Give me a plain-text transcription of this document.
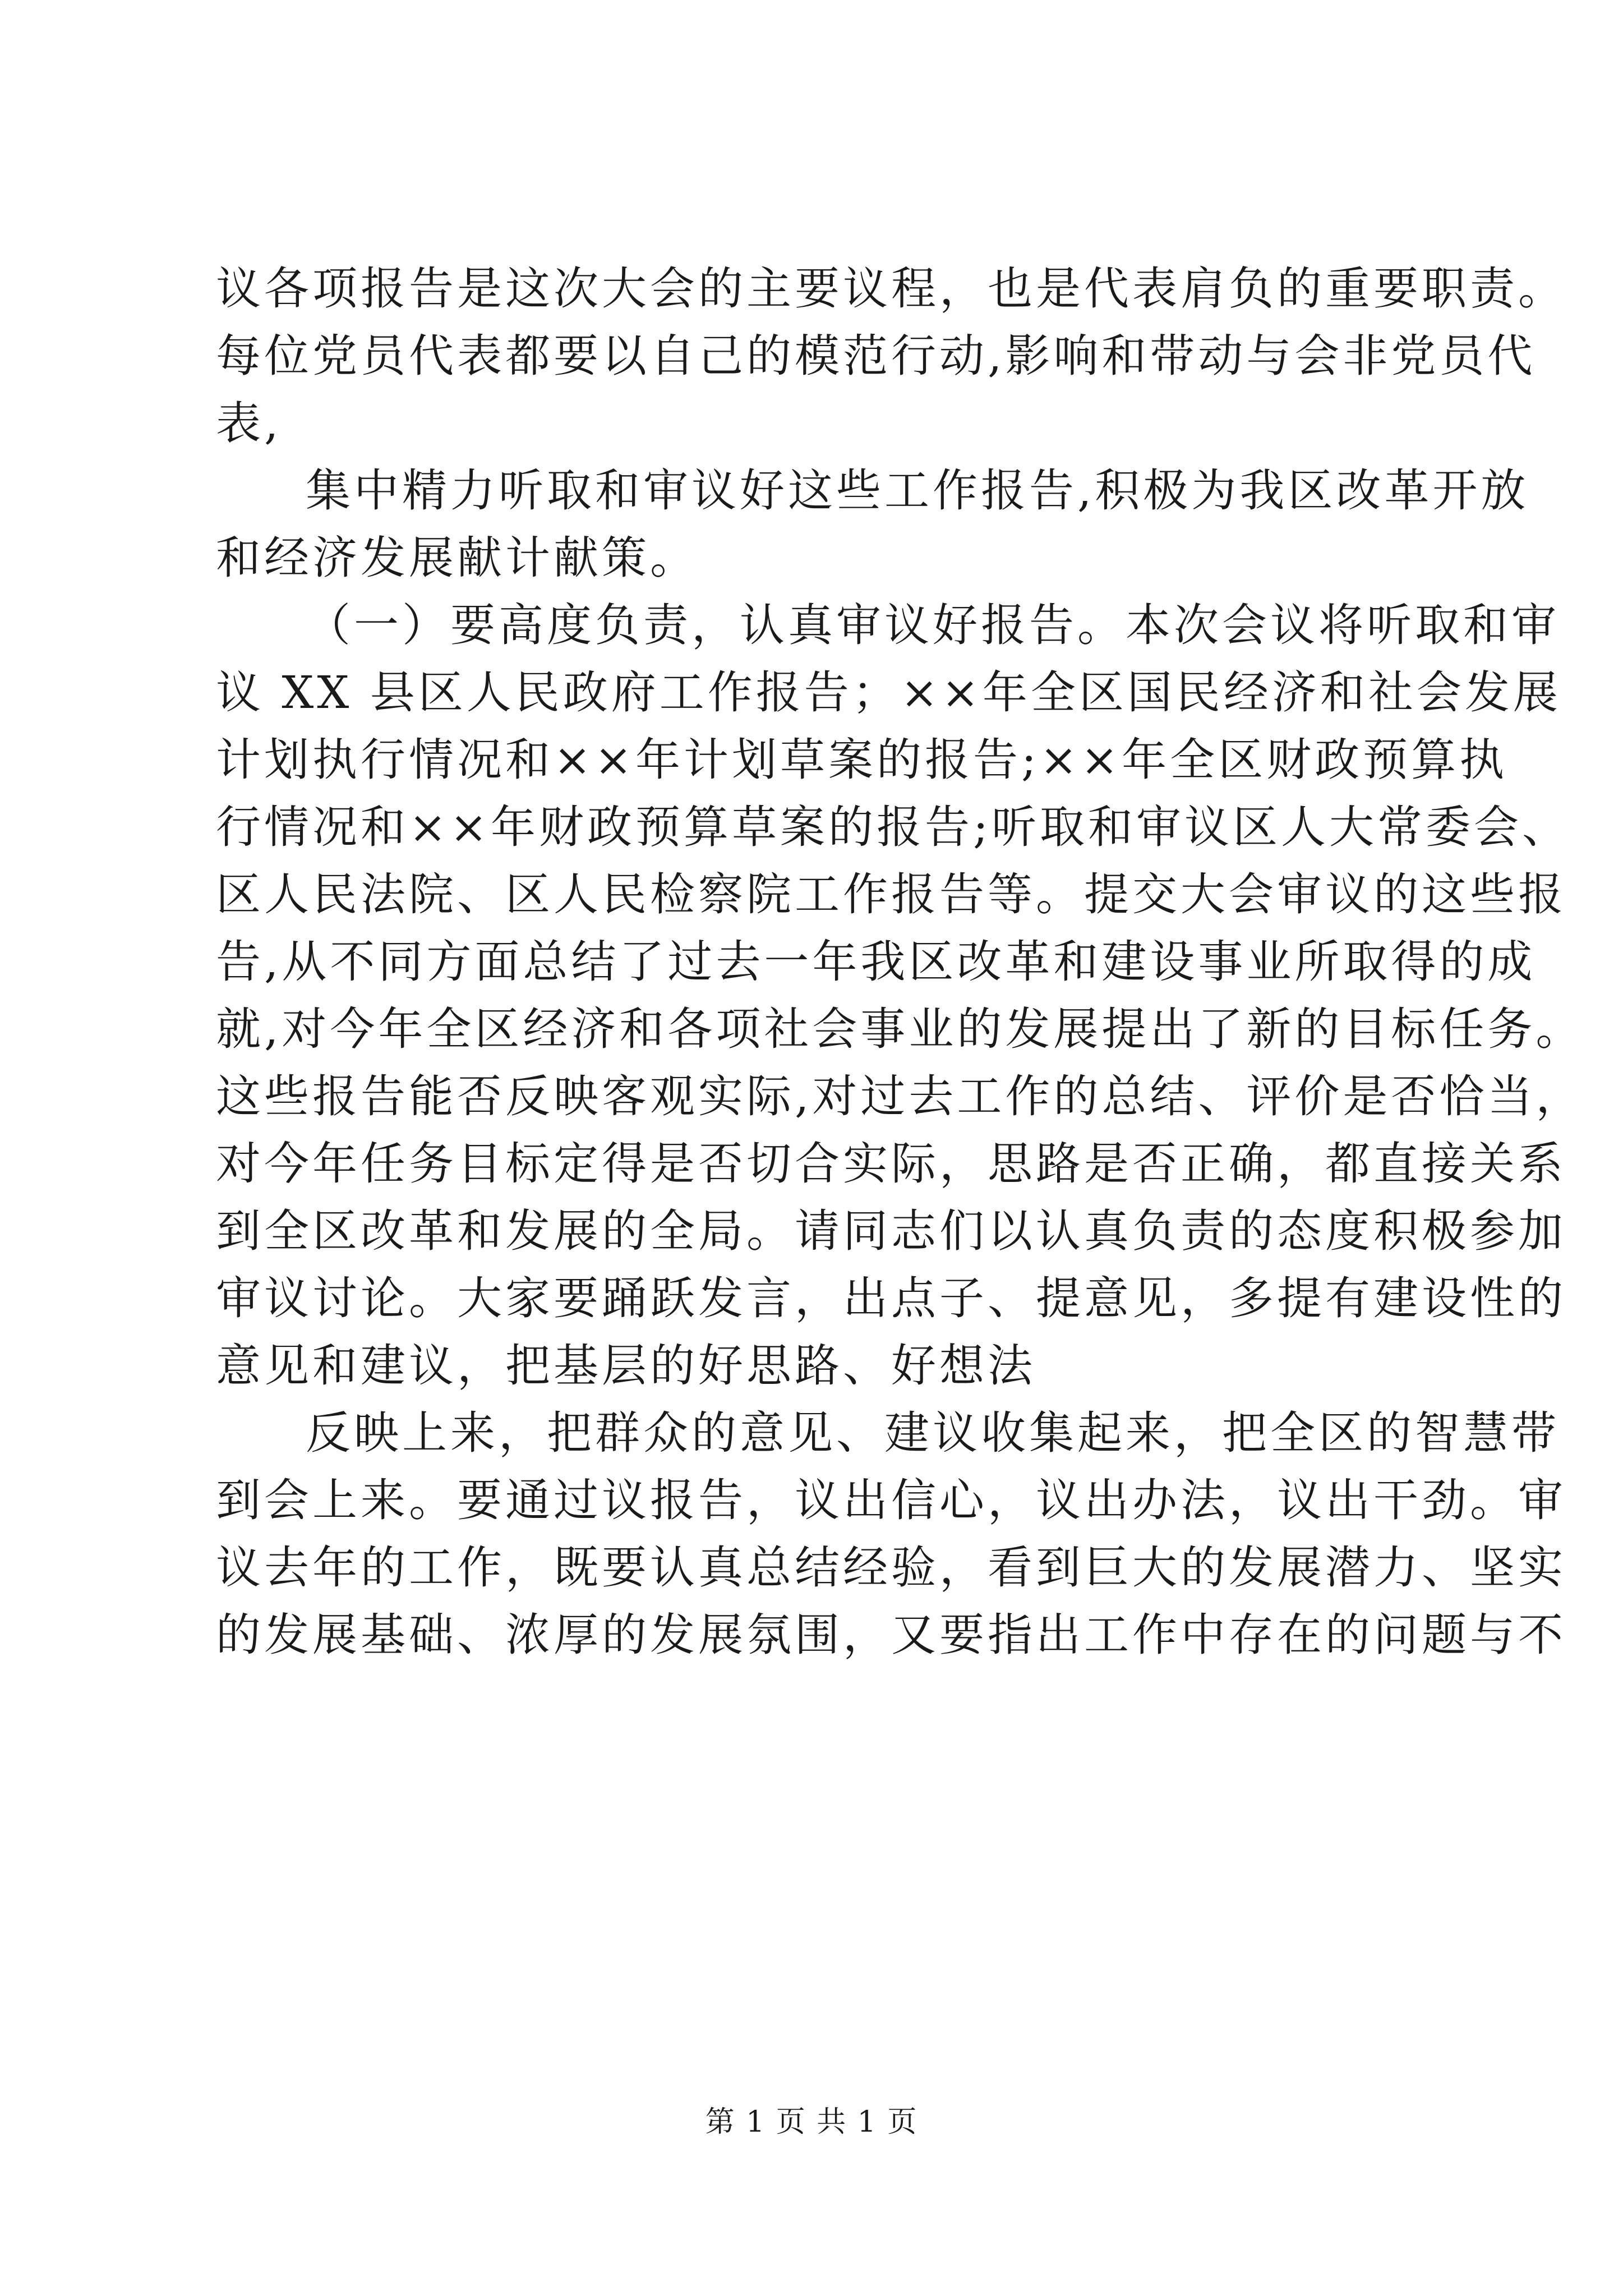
议各项报告是这次大会的主要议程，也是代表肩负的重要职责。
每位党员代表都要以自己的模范行动,影响和带动与会非党员代
表,
集中精力听取和审议好这些工作报告,积极为我区改革开放
和经济发展献计献策。
（一）要高度负责，认真审议好报告。本次会议将听取和审
议 XX 县区人民政府工作报告；××年全区国民经济和社会发展
计划执行情况和××年计划草案的报告;××年全区财政预算执
行情况和××年财政预算草案的报告;听取和审议区人大常委会、
区人民法院、区人民检察院工作报告等。提交大会审议的这些报
告,从不同方面总结了过去一年我区改革和建设事业所取得的成
就,对今年全区经济和各项社会事业的发展提出了新的目标任务。
这些报告能否反映客观实际,对过去工作的总结、评价是否恰当，
对今年任务目标定得是否切合实际，思路是否正确，都直接关系
到全区改革和发展的全局。请同志们以认真负责的态度积极参加
审议讨论。大家要踊跃发言，出点子、提意见，多提有建设性的
意见和建议，把基层的好思路、好想法
反映上来，把群众的意见、建议收集起来，把全区的智慧带
到会上来。要通过议报告，议出信心，议出办法，议出干劲。审
议去年的工作，既要认真总结经验，看到巨大的发展潜力、坚实
的发展基础、浓厚的发展氛围，又要指出工作中存在的问题与不
第 1 页 共 1 页
